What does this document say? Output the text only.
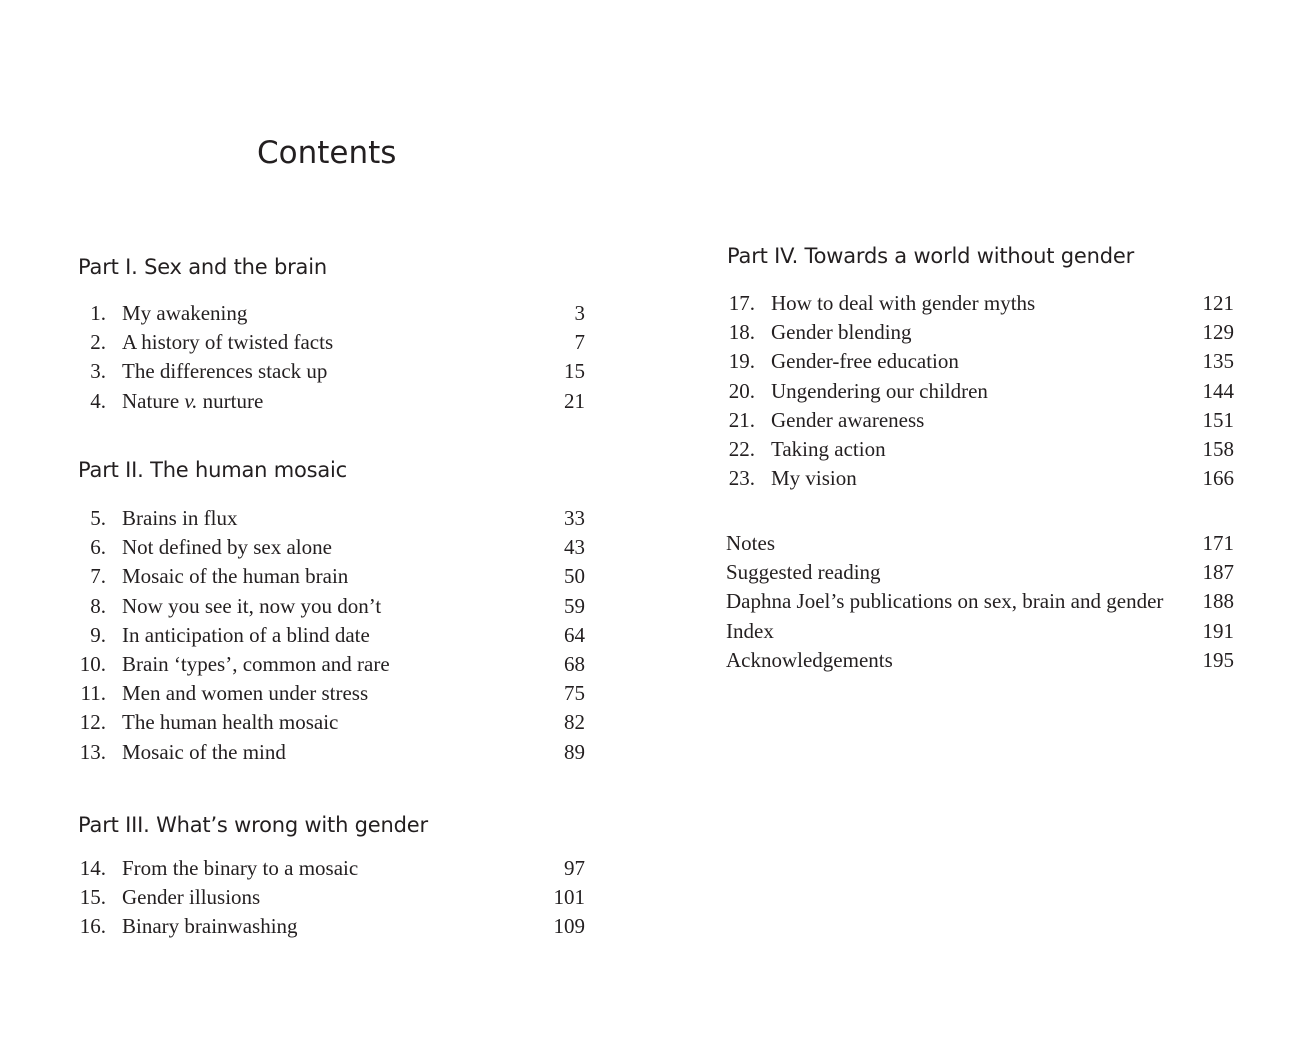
Contents
Part I. Sex and the brain
1. My awakening	3
2. A history of twisted facts	7
3. The differences stack up	15
4. Nature v. nurture	21
Part II. The human mosaic
5. Brains in flux	33
6. Not defined by sex alone	43
7. Mosaic of the human brain	50
8. Now you see it, now you don’t	59
9. In anticipation of a blind date	64
10. Brain ‘types’, common and rare	68
11. Men and women under stress	75
12. The human health mosaic	82
13. Mosaic of the mind	89
Part III. What’s wrong with gender
14. From the binary to a mosaic	97
15. Gender illusions	101
16. Binary brainwashing	109
Part IV. Towards a world without gender
17. How to deal with gender myths	121
18. Gender blending	129
19. Gender-free education	135
20. Ungendering our children	144
21. Gender awareness	151
22. Taking action	158
23. My vision	166
Notes	171
Suggested reading	187
Daphna Joel’s publications on sex, brain and gender 188
Index	191
Acknowledgements	195
